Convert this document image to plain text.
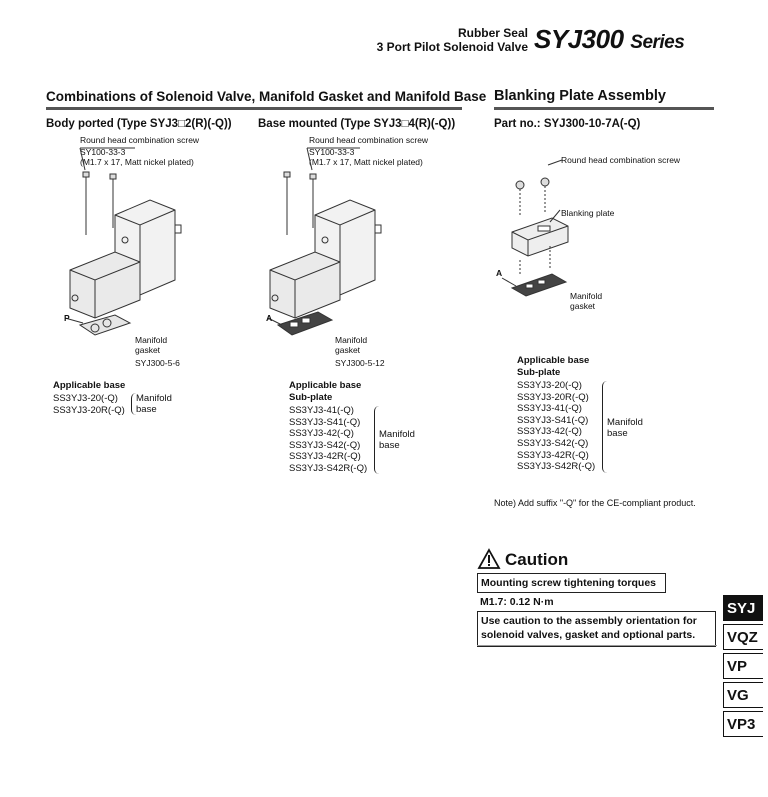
Rubber Seal
3 Port Pilot Solenoid Valve SYJ300 Series
Combinations of Solenoid Valve, Manifold Gasket and Manifold Base
Body ported (Type SYJ3□2(R)(-Q))
Round head combination screw
SY100-33-3
(M1.7 x 17, Matt nickel plated)
P
Manifold
gasket
SYJ300-5-6
Applicable base
SS3YJ3-20(-Q)
SS3YJ3-20R(-Q)
Manifold
base
Base mounted (Type SYJ3□4(R)(-Q))
Round head combination screw
SY100-33-3
(M1.7 x 17, Matt nickel plated)
A
Manifold
gasket
SYJ300-5-12
Applicable base
Sub-plate
SS3YJ3-41(-Q)
SS3YJ3-S41(-Q)
SS3YJ3-42(-Q)
SS3YJ3-S42(-Q)
SS3YJ3-42R(-Q)
SS3YJ3-S42R(-Q)
Manifold
base
Blanking Plate Assembly
Part no.: SYJ300-10-7A(-Q)
Round head combination screw
Blanking plate
A
Manifold
gasket
Applicable base
Sub-plate
SS3YJ3-20(-Q)
SS3YJ3-20R(-Q)
SS3YJ3-41(-Q)
SS3YJ3-S41(-Q)
SS3YJ3-42(-Q)
SS3YJ3-S42(-Q)
SS3YJ3-42R(-Q)
SS3YJ3-S42R(-Q)
Manifold
base
Note) Add suffix "-Q" for the CE-compliant product.
Caution
Mounting screw tightening torques
M1.7: 0.12 N·m
Use caution to the assembly orientation for
solenoid valves, gasket and optional parts.
SYJ
VQZ
VP
VG
VP3
